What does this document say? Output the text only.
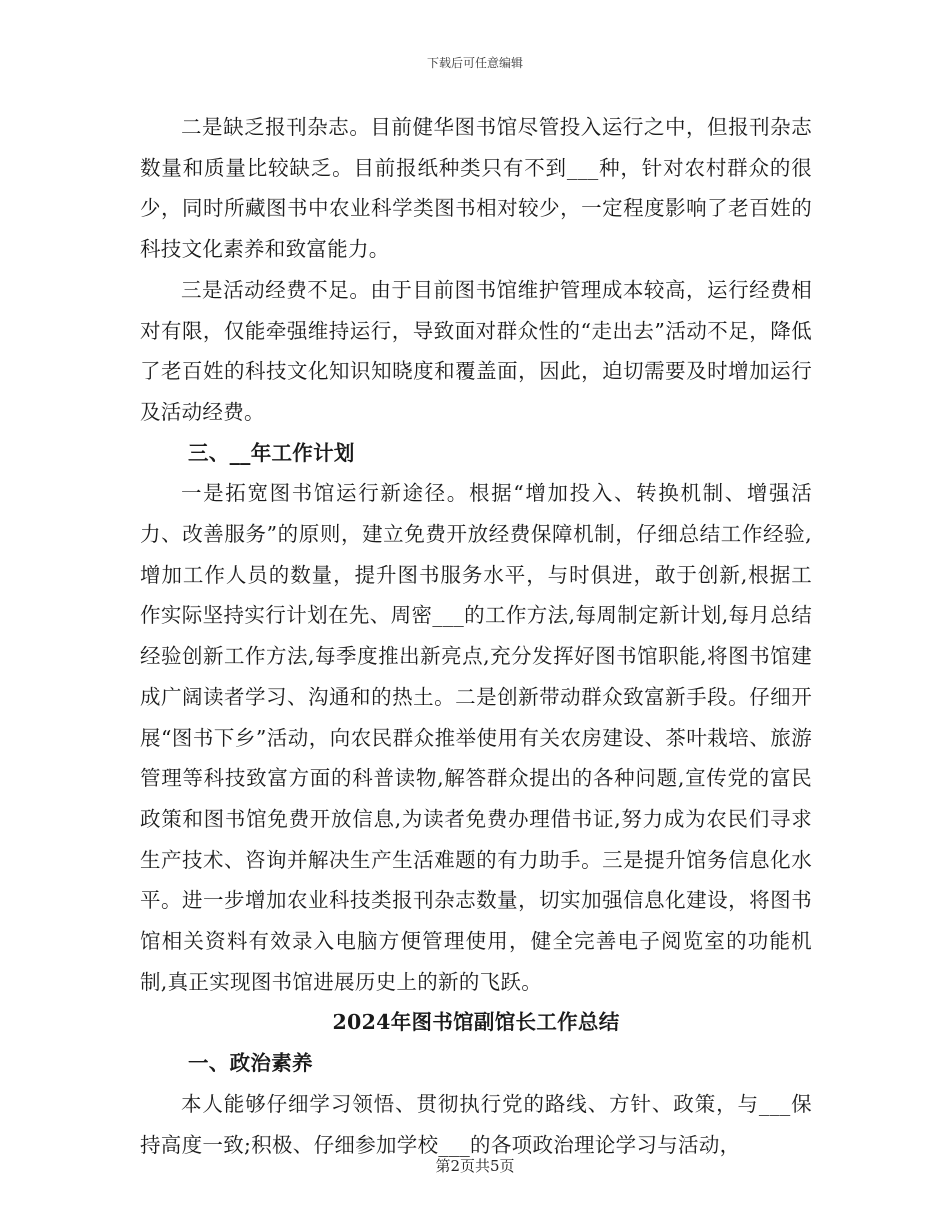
下载后可任意编辑

二是缺乏报刊杂志。目前健华图书馆尽管投入运行之中，但报刊杂志数量和质量比较缺乏。目前报纸种类只有不到___种，针对农村群众的很少，同时所藏图书中农业科学类图书相对较少，一定程度影响了老百姓的科技文化素养和致富能力。

三是活动经费不足。由于目前图书馆维护管理成本较高，运行经费相对有限，仅能牵强维持运行，导致面对群众性的“走出去”活动不足，降低了老百姓的科技文化知识知晓度和覆盖面，因此，迫切需要及时增加运行及活动经费。

三、__年工作计划

一是拓宽图书馆运行新途径。根据“增加投入、转换机制、增强活力、改善服务”的原则，建立免费开放经费保障机制，仔细总结工作经验,增加工作人员的数量，提升图书服务水平，与时俱进，敢于创新,根据工作实际坚持实行计划在先、周密___的工作方法,每周制定新计划,每月总结经验创新工作方法,每季度推出新亮点,充分发挥好图书馆职能,将图书馆建成广阔读者学习、沟通和的热土。二是创新带动群众致富新手段。仔细开展“图书下乡”活动，向农民群众推举使用有关农房建设、茶叶栽培、旅游管理等科技致富方面的科普读物,解答群众提出的各种问题,宣传党的富民政策和图书馆免费开放信息,为读者免费办理借书证,努力成为农民们寻求生产技术、咨询并解决生产生活难题的有力助手。三是提升馆务信息化水平。进一步增加农业科技类报刊杂志数量，切实加强信息化建设，将图书馆相关资料有效录入电脑方便管理使用，健全完善电子阅览室的功能机制,真正实现图书馆进展历史上的新的飞跃。

2024年图书馆副馆长工作总结

一、政治素养

本人能够仔细学习领悟、贯彻执行党的路线、方针、政策，与___保持高度一致;积极、仔细参加学校___的各项政治理论学习与活动，

第2页共5页
